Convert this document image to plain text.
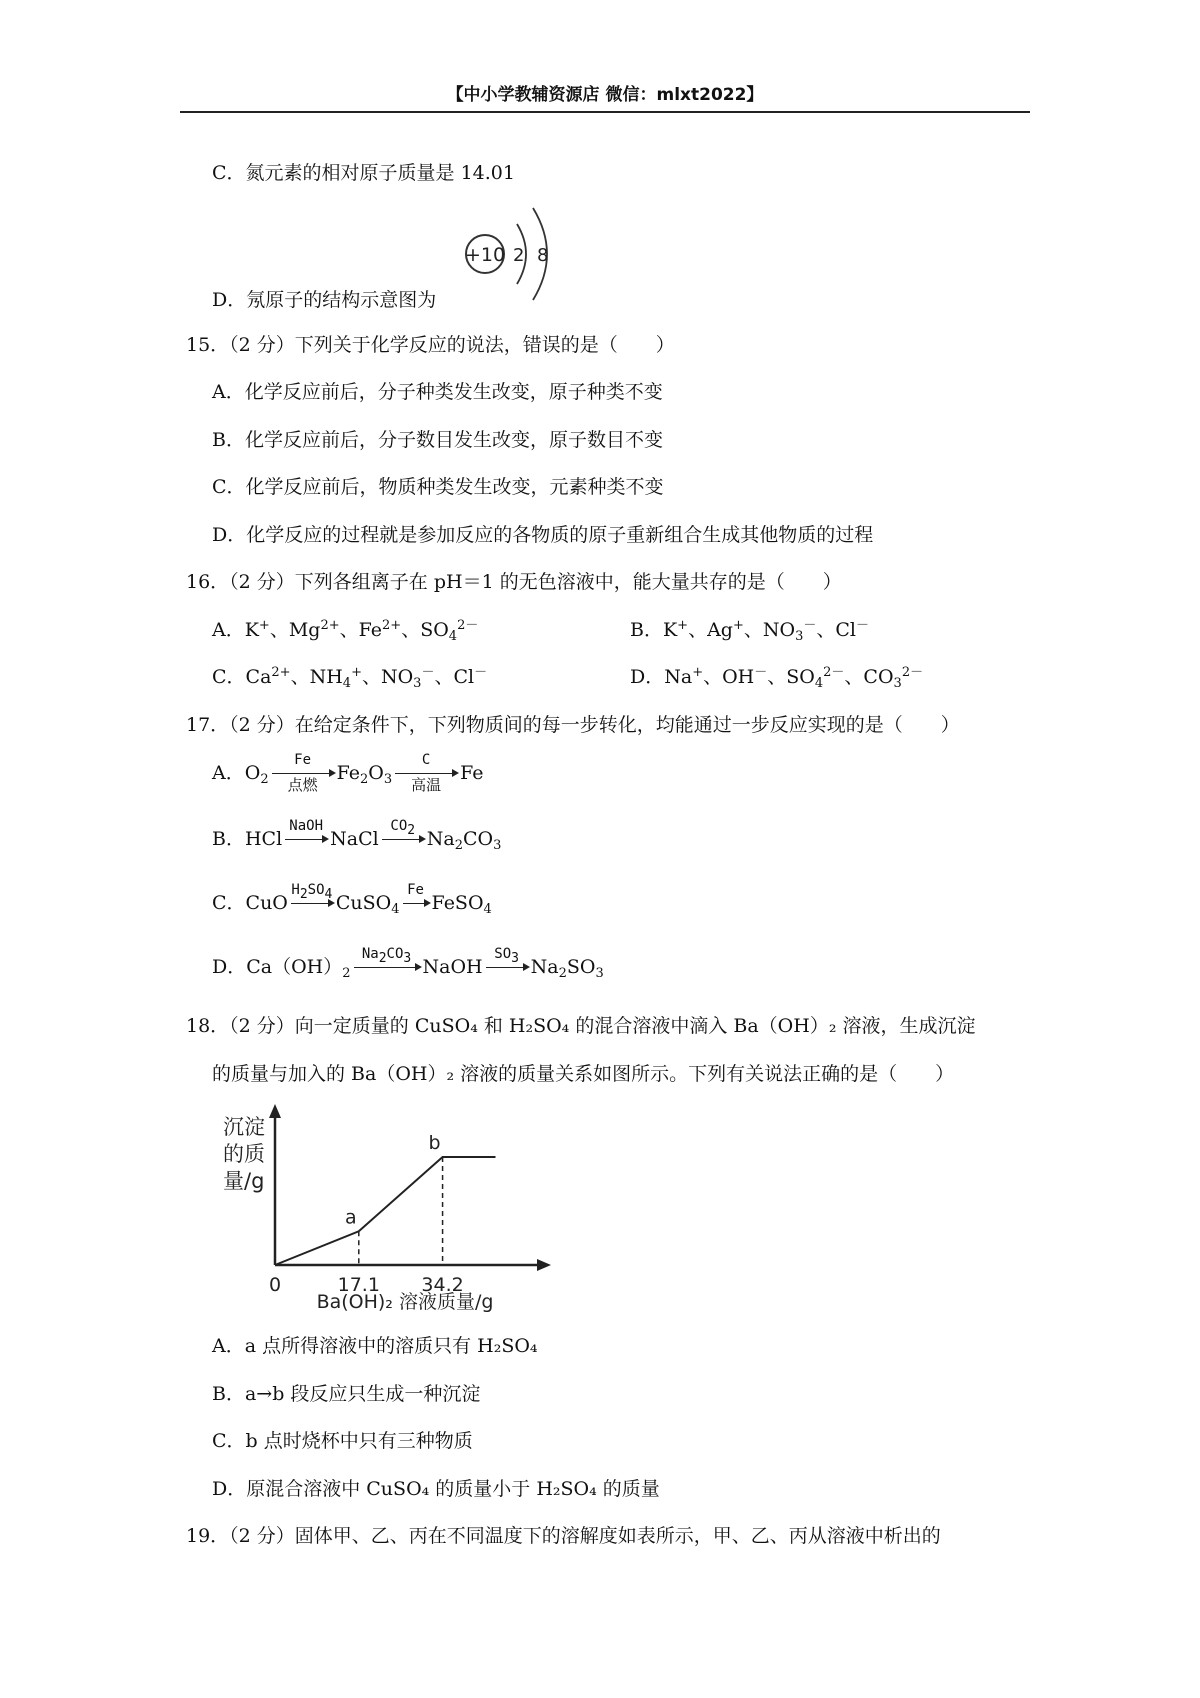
【中小学教辅资源店 微信：mlxt2022】
C．氮元素的相对原子质量是 14.01
+10 2 8
D．氖原子的结构示意图为
15．（2 分）下列关于化学反应的说法，错误的是（　　）
A．化学反应前后，分子种类发生改变，原子种类不变
B．化学反应前后，分子数目发生改变，原子数目不变
C．化学反应前后，物质种类发生改变，元素种类不变
D．化学反应的过程就是参加反应的各物质的原子重新组合生成其他物质的过程
16．（2 分）下列各组离子在 pH＝1 的无色溶液中，能大量共存的是（　　）
A．K+、$Mg^{2+}$、$Fe^{2+}$、$SO_4^{2-}$	B．K+、Ag+、$NO_3^-$、Cl－
C．$Ca^{2+}$、$NH_4^+$、$NO_3^-$、Cl－	D．Na+、OH－、$SO_4^{2-}$、$CO_3^{2-}$
17．（2 分）在给定条件下，下列物质间的每一步转化，均能通过一步反应实现的是（　　）
A．$O_2$
Fe
点燃
$Fe_2O_3$
C
高温
Fe
B．HCl
NaOH
NaCl
$CO_2$ $Na_2CO_3$
C．CuO
$H_2SO_4$ CuSO$_4$
Fe
FeSO$_4$
D．$Ca(OH)_2$
$Na_2CO_3$ NaOH
$SO_3$ $Na_2SO_3$
18．（2 分）向一定质量的 CuSO₄ 和 H₂SO₄ 的混合溶液中滴入 Ba（OH）₂ 溶液，生成沉淀
的质量与加入的 Ba（OH）₂ 溶液的质量关系如图所示。下列有关说法正确的是（　　）
沉淀
的质
量/g
Ba(OH)₂ 溶液质量/g
a
b
0	17.1 34.2
A．a 点所得溶液中的溶质只有 H₂SO₄
B．a→b 段反应只生成一种沉淀
C．b 点时烧杯中只有三种物质
D．原混合溶液中 CuSO₄ 的质量小于 H₂SO₄ 的质量
19．（2 分）固体甲、乙、丙在不同温度下的溶解度如表所示，甲、乙、丙从溶液中析出的
